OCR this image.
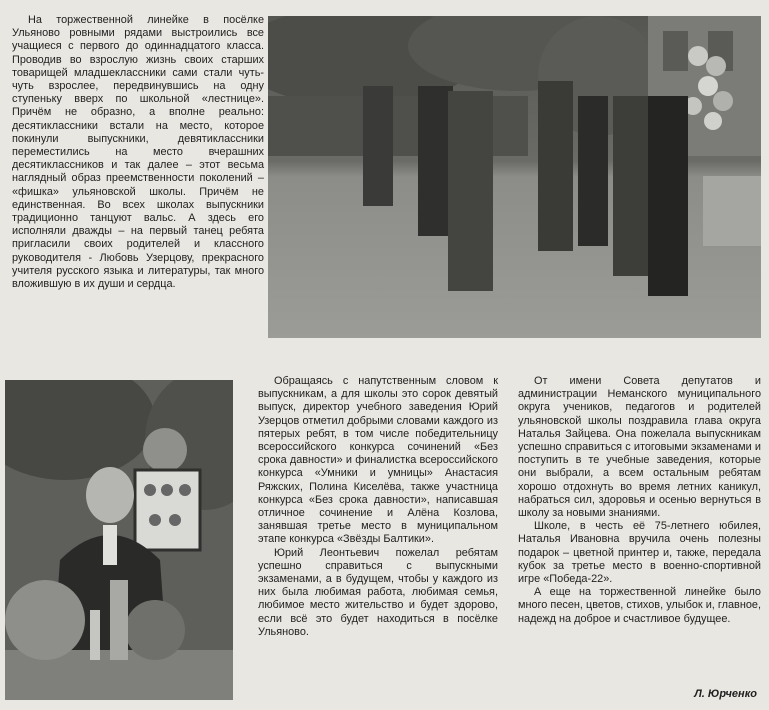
На торжественной линейке в посёлке Ульяново ровными рядами выстроились все учащиеся с первого до одиннадцатого класса. Проводив во взрослую жизнь своих старших товарищей младшеклассники сами стали чуть-чуть взрослее, передвинувшись на одну ступеньку вверх по школьной «лестнице». Причём не образно, а вполне реально: десятиклассники встали на место, которое покинули выпускники, девятиклассники переместились на место вчерашних десятиклассников и так далее – этот весьма наглядный образ преемственности поколений – «фишка» ульяновской школы. Причём не единственная. Во всех школах выпускники традиционно танцуют вальс. А здесь его исполняли дважды – на первый танец ребята пригласили своих родителей и классного руководителя - Любовь Узерцову, прекрасного учителя русского языка и литературы, так много вложившую в их души и сердца.

Обращаясь с напутственным словом к выпускникам, а для школы это сорок девятый выпуск, директор учебного заведения Юрий Узерцов отметил добрыми словами каждого из пятерых ребят, в том числе победительницу всероссийского конкурса сочинений «Без срока давности» и финалистка всероссийского конкурса «Умники и умницы» Анастасия Ряжских, Полина Киселёва, также участница конкурса «Без срока давности», написавшая отличное сочинение и Алёна Козлова, занявшая третье место в муниципальном этапе конкурса «Звёзды Балтики».

Юрий Леонтьевич пожелал ребятам успешно справиться с выпускными экзаменами, а в будущем, чтобы у каждого из них была любимая работа, любимая семья, любимое место жительство и будет здорово, если всё это будет находиться в посёлке Ульяново.

От имени Совета депутатов и администрации Неманского муниципального округа учеников, педагогов и родителей ульяновской школы поздравила глава округа Наталья Зайцева. Она пожелала выпускникам успешно справиться с итоговыми экзаменами и поступить в те учебные заведения, которые они выбрали, а всем остальным ребятам хорошо отдохнуть во время летних каникул, набраться сил, здоровья и осенью вернуться в школу за новыми знаниями.

Школе, в честь её 75-летнего юбилея, Наталья Ивановна вручила очень полезны подарок – цветной принтер и, также, передала кубок за третье место в военно-спортивной игре «Победа-22».

А еще на торжественной линейке было много песен, цветов, стихов, улыбок и, главное, надежд на доброе и счастливое будущее.

Л. Юрченко
